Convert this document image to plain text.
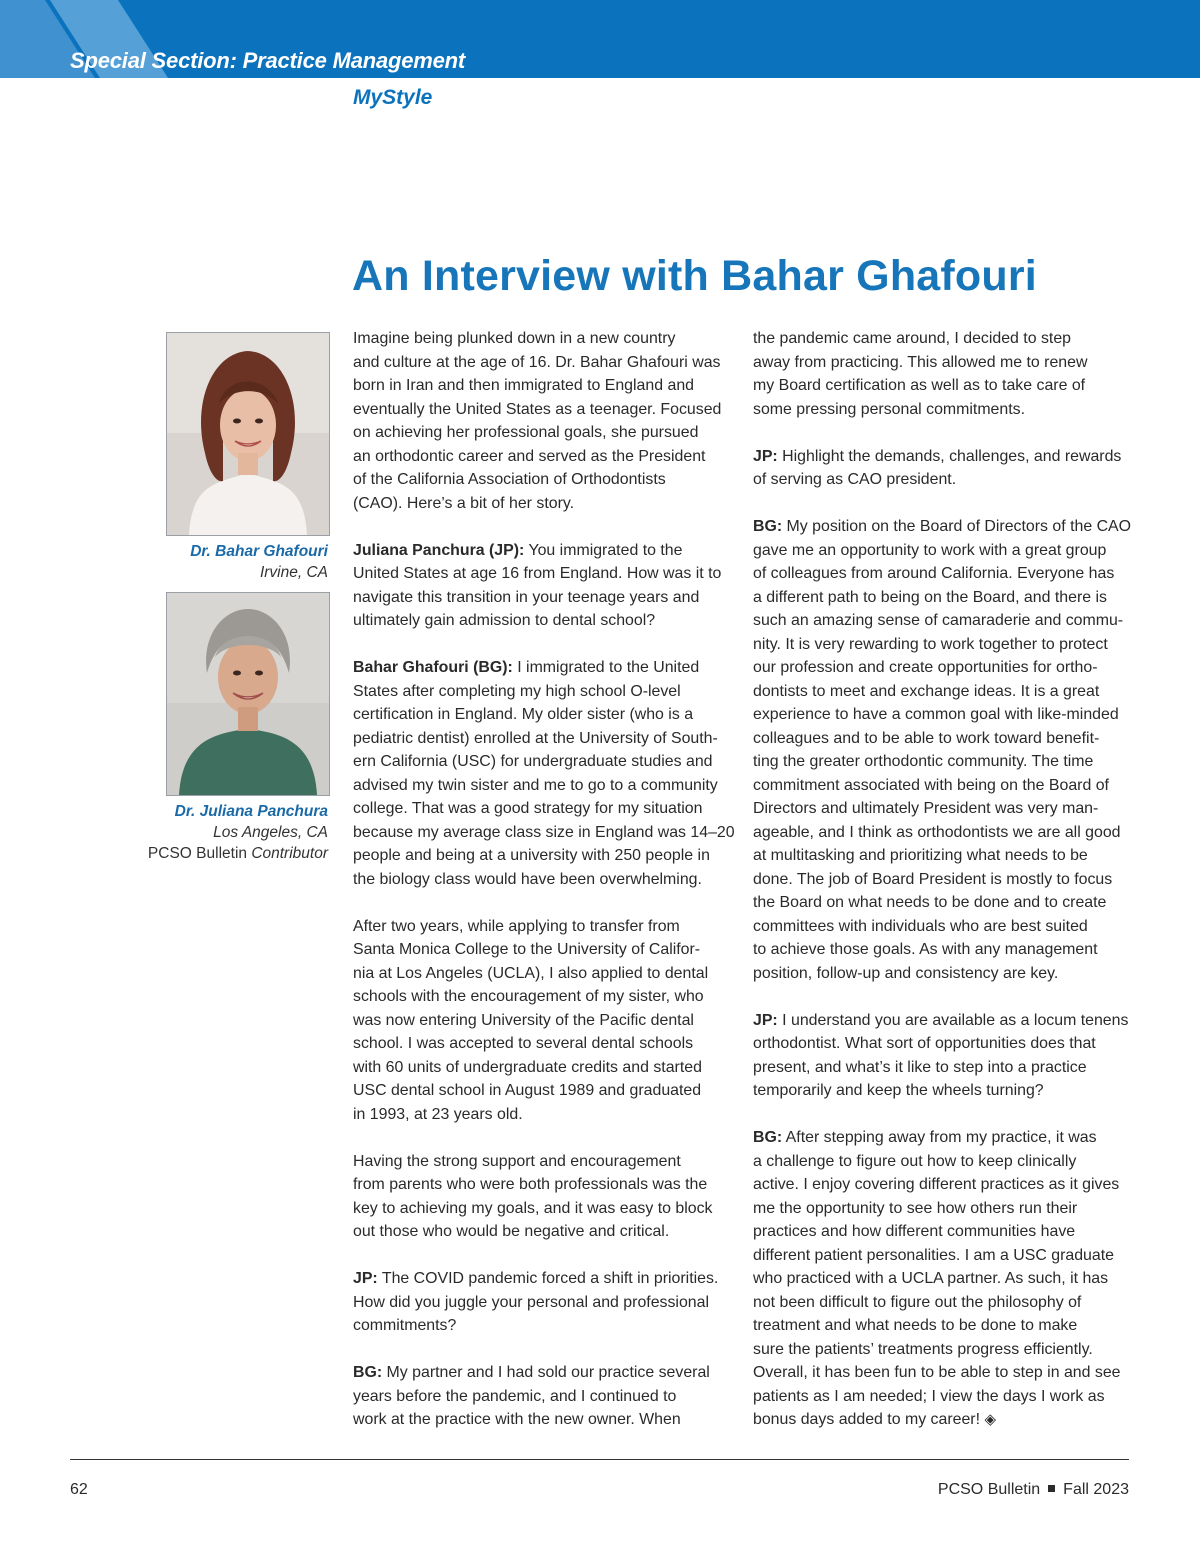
Special Section: Practice Management

MyStyle

An Interview with Bahar Ghafouri
Dr. Bahar Ghafouri
Irvine, CA
Dr. Juliana Panchura
Los Angeles, CA
PCSO Bulletin Contributor

Imagine being plunked down in a new country
and culture at the age of 16. Dr. Bahar Ghafouri was
born in Iran and then immigrated to England and
eventually the United States as a teenager. Focused
on achieving her professional goals, she pursued
an orthodontic career and served as the President
of the California Association of Orthodontists
(CAO). Here’s a bit of her story.

Juliana Panchura (JP): You immigrated to the
United States at age 16 from England. How was it to
navigate this transition in your teenage years and
ultimately gain admission to dental school?

Bahar Ghafouri (BG): I immigrated to the United
States after completing my high school O-level
certification in England. My older sister (who is a
pediatric dentist) enrolled at the University of South-
ern California (USC) for undergraduate studies and
advised my twin sister and me to go to a community
college. That was a good strategy for my situation
because my average class size in England was 14–20
people and being at a university with 250 people in
the biology class would have been overwhelming.

After two years, while applying to transfer from
Santa Monica College to the University of Califor-
nia at Los Angeles (UCLA), I also applied to dental
schools with the encouragement of my sister, who
was now entering University of the Pacific dental
school. I was accepted to several dental schools
with 60 units of undergraduate credits and started
USC dental school in August 1989 and graduated
in 1993, at 23 years old.

Having the strong support and encouragement
from parents who were both professionals was the
key to achieving my goals, and it was easy to block
out those who would be negative and critical.

JP: The COVID pandemic forced a shift in priorities.
How did you juggle your personal and professional
commitments?

BG: My partner and I had sold our practice several
years before the pandemic, and I continued to
work at the practice with the new owner. When

the pandemic came around, I decided to step
away from practicing. This allowed me to renew
my Board certification as well as to take care of
some pressing personal commitments.

JP: Highlight the demands, challenges, and rewards
of serving as CAO president.

BG: My position on the Board of Directors of the CAO
gave me an opportunity to work with a great group
of colleagues from around California. Everyone has
a different path to being on the Board, and there is
such an amazing sense of camaraderie and commu-
nity. It is very rewarding to work together to protect
our profession and create opportunities for ortho-
dontists to meet and exchange ideas. It is a great
experience to have a common goal with like-minded
colleagues and to be able to work toward benefit-
ting the greater orthodontic community. The time
commitment associated with being on the Board of
Directors and ultimately President was very man-
ageable, and I think as orthodontists we are all good
at multitasking and prioritizing what needs to be
done. The job of Board President is mostly to focus
the Board on what needs to be done and to create
committees with individuals who are best suited
to achieve those goals. As with any management
position, follow-up and consistency are key.

JP: I understand you are available as a locum tenens
orthodontist. What sort of opportunities does that
present, and what’s it like to step into a practice
temporarily and keep the wheels turning?

BG: After stepping away from my practice, it was
a challenge to figure out how to keep clinically
active. I enjoy covering different practices as it gives
me the opportunity to see how others run their
practices and how different communities have
different patient personalities. I am a USC graduate
who practiced with a UCLA partner. As such, it has
not been difficult to figure out the philosophy of
treatment and what needs to be done to make
sure the patients’ treatments progress efficiently.
Overall, it has been fun to be able to step in and see
patients as I am needed; I view the days I work as
bonus days added to my career! ◈

62	PCSO Bulletin Fall 2023
